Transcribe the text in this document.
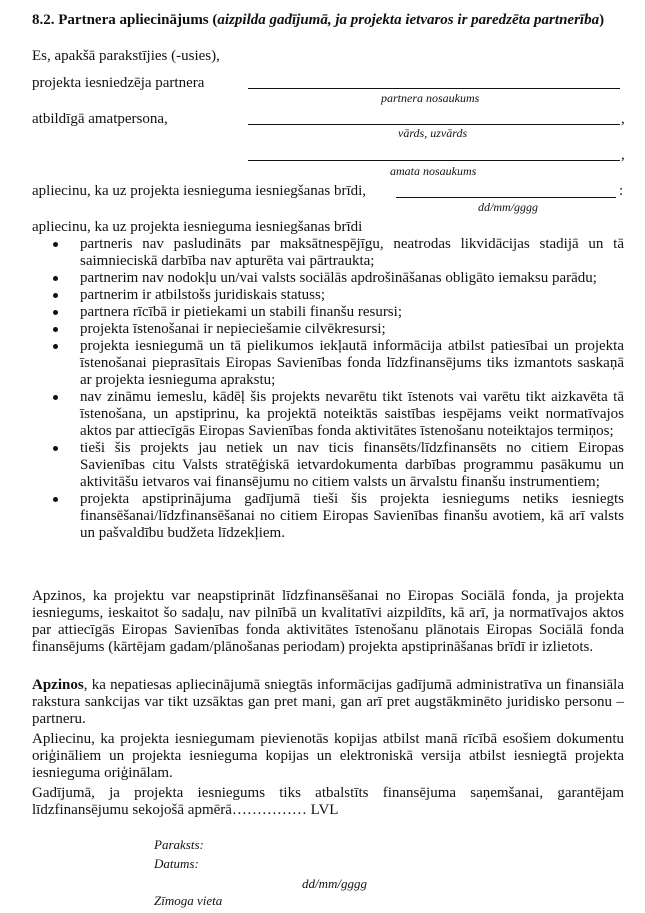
8.2. Partnera apliecinājums (aizpilda gadījumā, ja projekta ietvaros ir paredzēta partnerība)
Es, apakšā parakstījies (-usies),
projekta iesniedzēja partnera
partnera nosaukums
atbildīgā amatpersona,	,
vārds, uzvārds
,
amata nosaukums
apliecinu, ka uz projekta iesnieguma iesniegšanas brīdi,	:
dd/mm/gggg
apliecinu, ka uz projekta iesnieguma iesniegšanas brīdi
partneris nav pasludināts par maksātnespējīgu, neatrodas likvidācijas stadijā un tā saimnieciskā darbība nav apturēta vai pārtraukta;
partnerim nav nodokļu un/vai valsts sociālās apdrošināšanas obligāto iemaksu parādu;
partnerim ir atbilstošs juridiskais statuss;
partnera rīcībā ir pietiekami un stabili finanšu resursi;
projekta īstenošanai ir nepieciešamie cilvēkresursi;
projekta iesniegumā un tā pielikumos iekļautā informācija atbilst patiesībai un projekta īstenošanai pieprasītais Eiropas Savienības fonda līdzfinansējums tiks izmantots saskaņā ar projekta iesnieguma aprakstu;
nav zināmu iemeslu, kādēļ šis projekts nevarētu tikt īstenots vai varētu tikt aizkavēta tā īstenošana, un apstiprinu, ka projektā noteiktās saistības iespējams veikt normatīvajos aktos par attiecīgās Eiropas Savienības fonda aktivitātes īstenošanu noteiktajos termiņos;
tieši šis projekts jau netiek un nav ticis finansēts/līdzfinansēts no citiem Eiropas Savienības citu Valsts stratēģiskā ietvardokumenta darbības programmu pasākumu un aktivitāšu ietvaros vai finansējumu no citiem valsts un ārvalstu finanšu instrumentiem;
projekta apstiprinājuma gadījumā tieši šis projekta iesniegums netiks iesniegts finansēšanai/līdzfinansēšanai no citiem Eiropas Savienības finanšu avotiem, kā arī valsts un pašvaldību budžeta līdzekļiem.
Apzinos, ka projektu var neapstiprināt līdzfinansēšanai no Eiropas Sociālā fonda, ja projekta iesniegums, ieskaitot šo sadaļu, nav pilnībā un kvalitatīvi aizpildīts, kā arī, ja normatīvajos aktos par attiecīgās Eiropas Savienības fonda aktivitātes īstenošanu plānotais Eiropas Sociālā fonda finansējums (kārtējam gadam/plānošanas periodam) projekta apstiprināšanas brīdī ir izlietots.
Apzinos, ka nepatiesas apliecinājumā sniegtās informācijas gadījumā administratīva un finansiāla rakstura sankcijas var tikt uzsāktas gan pret mani, gan arī pret augstākminēto juridisko personu – partneru.
Apliecinu, ka projekta iesniegumam pievienotās kopijas atbilst manā rīcībā esošiem dokumentu oriģināliem un projekta iesnieguma kopijas un elektroniskā versija atbilst iesniegtā projekta iesnieguma oriģinālam.
Gadījumā, ja projekta iesniegums tiks atbalstīts finansējuma saņemšanai, garantējam līdzfinansējumu sekojošā apmērā…………… LVL
Paraksts:
Datums:
dd/mm/gggg
Zīmoga vieta
